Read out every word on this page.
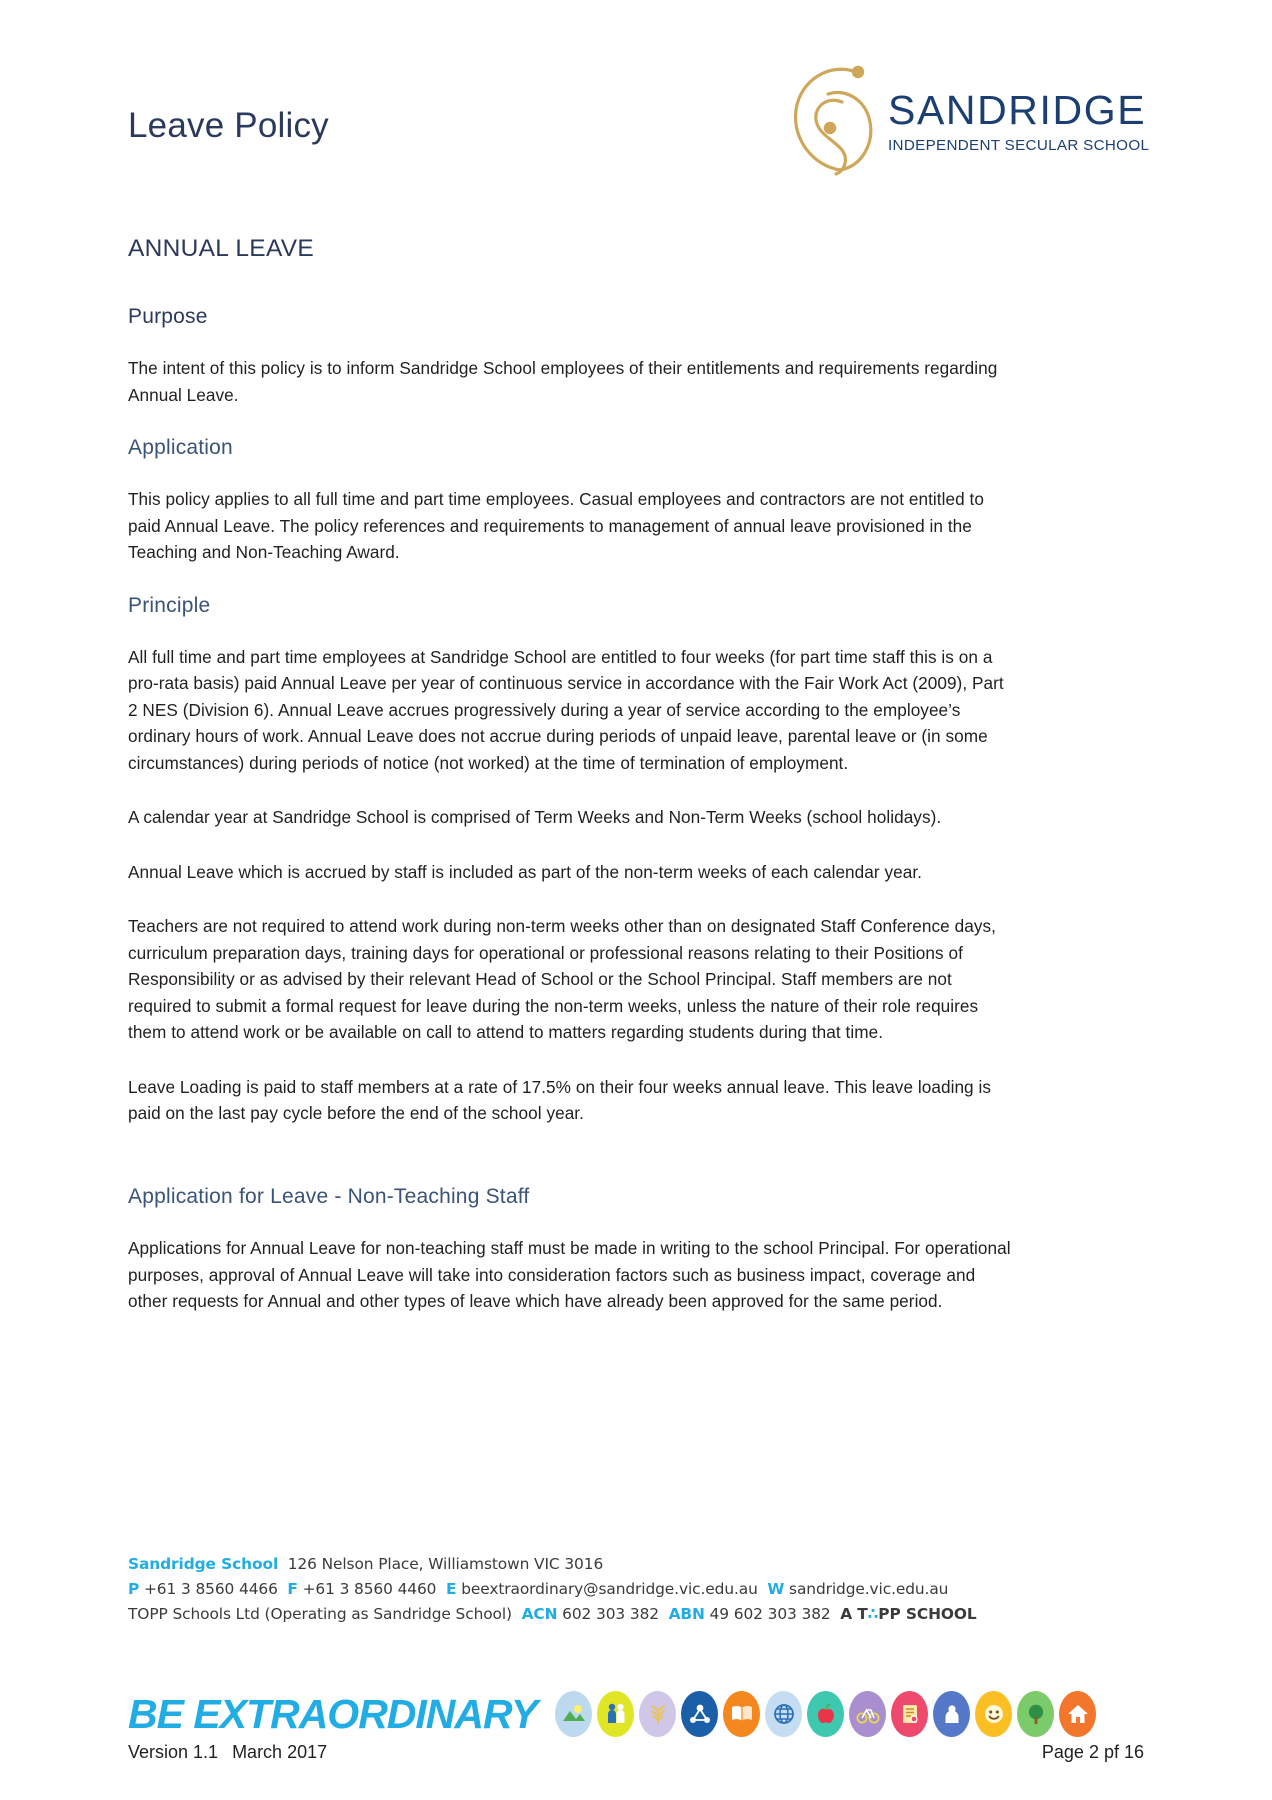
Leave Policy	SANDRIDGE
INDEPENDENT SECULAR SCHOOL
ANNUAL LEAVE
Purpose

The intent of this policy is to inform Sandridge School employees of their entitlements and requirements regarding Annual Leave.

Application

This policy applies to all full time and part time employees. Casual employees and contractors are not entitled to paid Annual Leave. The policy references and requirements to management of annual leave provisioned in the Teaching and Non-Teaching Award.

Principle

All full time and part time employees at Sandridge School are entitled to four weeks (for part time staff this is on a pro-rata basis) paid Annual Leave per year of continuous service in accordance with the Fair Work Act (2009), Part 2 NES (Division 6). Annual Leave accrues progressively during a year of service according to the employee’s ordinary hours of work. Annual Leave does not accrue during periods of unpaid leave, parental leave or (in some circumstances) during periods of notice (not worked) at the time of termination of employment.

A calendar year at Sandridge School is comprised of Term Weeks and Non-Term Weeks (school holidays).

Annual Leave which is accrued by staff is included as part of the non-term weeks of each calendar year.

Teachers are not required to attend work during non-term weeks other than on designated Staff Conference days, curriculum preparation days, training days for operational or professional reasons relating to their Positions of Responsibility or as advised by their relevant Head of School or the School Principal. Staff members are not required to submit a formal request for leave during the non-term weeks, unless the nature of their role requires them to attend work or be available on call to attend to matters regarding students during that time.

Leave Loading is paid to staff members at a rate of 17.5% on their four weeks annual leave. This leave loading is paid on the last pay cycle before the end of the school year.

Application for Leave - Non-Teaching Staff

Applications for Annual Leave for non-teaching staff must be made in writing to the school Principal. For operational purposes, approval of Annual Leave will take into consideration factors such as business impact, coverage and other requests for Annual and other types of leave which have already been approved for the same period.

Sandridge School 126 Nelson Place, Williamstown VIC 3016
P +61 3 8560 4466 F +61 3 8560 4460 E beextraordinary@sandridge.vic.edu.au W sandridge.vic.edu.au
TOPP Schools Ltd (Operating as Sandridge School) ACN 602 303 382 ABN 49 602 303 382 A T∴PP SCHOOL
BE EXTRAORDINARY
Version 1.1 March 2017	Page 2 pf 16
